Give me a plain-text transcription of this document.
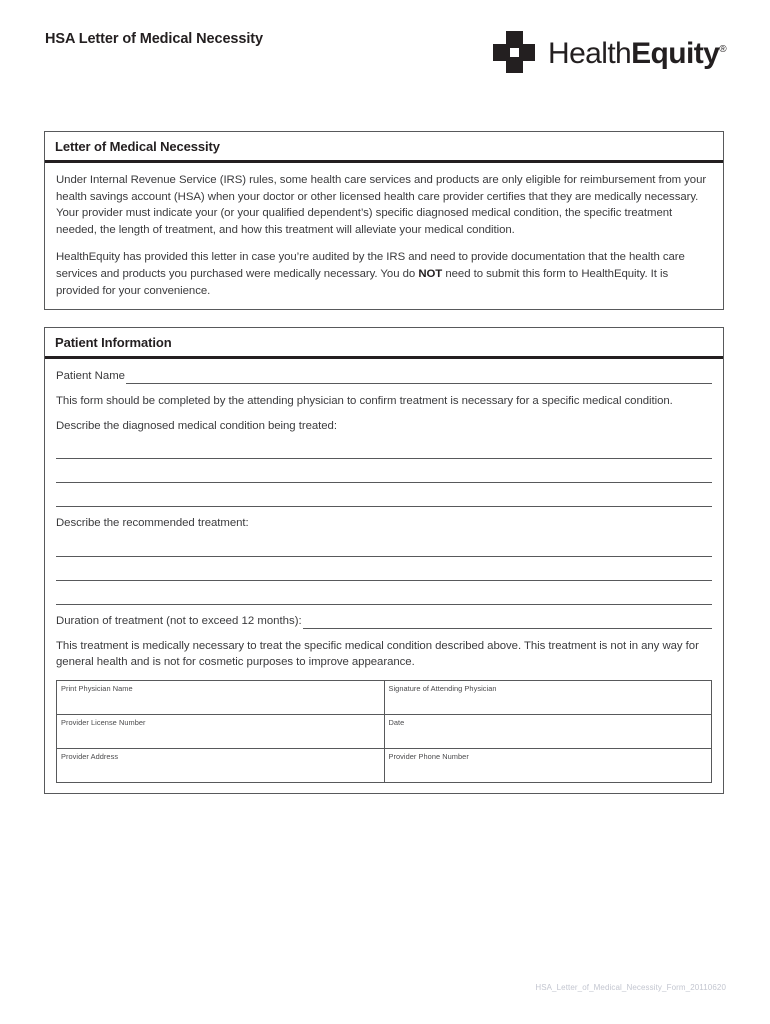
HSA Letter of Medical Necessity	HealthEquity®
Letter of Medical Necessity

Under Internal Revenue Service (IRS) rules, some health care services and products are only eligible for reimbursement from your health savings account (HSA) when your doctor or other licensed health care provider certifies that they are medically necessary. Your provider must indicate your (or your qualified dependent’s) specific diagnosed medical condition, the specific treatment needed, the length of treatment, and how this treatment will alleviate your medical condition.

HealthEquity has provided this letter in case you’re audited by the IRS and need to provide documentation that the health care services and products you purchased were medically necessary. You do NOT need to submit this form to HealthEquity. It is provided for your convenience.

Patient Information
Patient Name

This form should be completed by the attending physician to confirm treatment is necessary for a specific medical condition.

Describe the diagnosed medical condition being treated:

Describe the recommended treatment:

Duration of treatment (not to exceed 12 months):

This treatment is medically necessary to treat the specific medical condition described above. This treatment is not in any way for general health and is not for cosmetic purposes to improve appearance.

Print Physician Name	Signature of Attending Physician
Provider License Number	Date
Provider Address	Provider Phone Number
HSA_Letter_of_Medical_Necessity_Form_20110620
